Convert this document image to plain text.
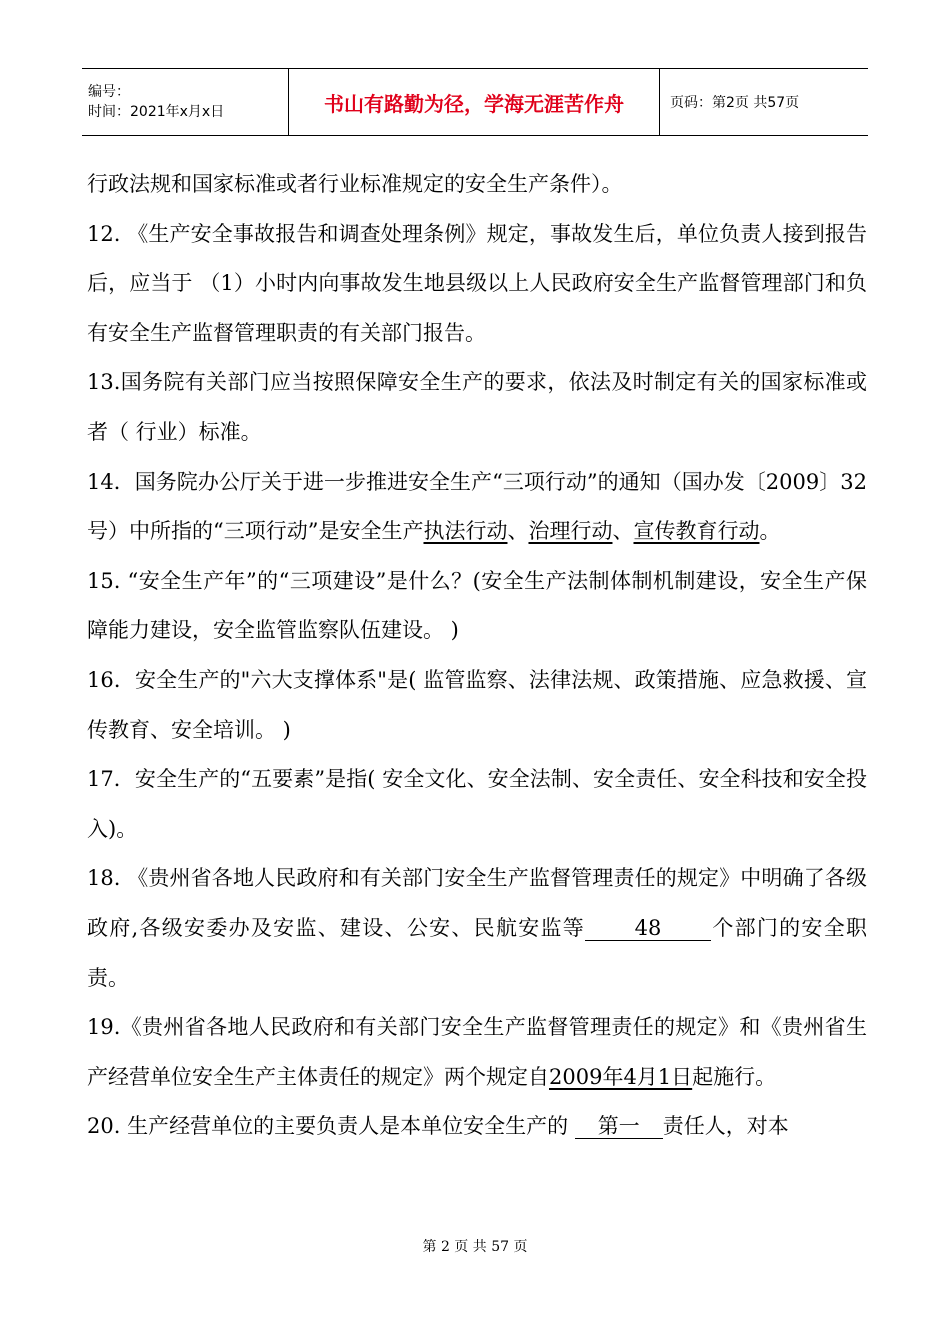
编号：
时间：2021年x月x日	书山有路勤为径，学海无涯苦作舟	页码：第2页 共57页

行政法规和国家标准或者行业标准规定的安全生产条件）。

12. 《生产安全事故报告和调查处理条例》规定，事故发生后，单位负责人接到报告后，应当于 （1）小时内向事故发生地县级以上人民政府安全生产监督管理部门和负有安全生产监督管理职责的有关部门报告。

13.国务院有关部门应当按照保障安全生产的要求，依法及时制定有关的国家标准或者（ 行业）标准。

14．国务院办公厅关于进一步推进安全生产“三项行动”的通知（国办发〔2009〕32号）中所指的“三项行动”是安全生产执法行动、治理行动、宣传教育行动。

15. “安全生产年”的“三项建设”是什么？(安全生产法制体制机制建设，安全生产保障能力建设，安全监管监察队伍建设。 )

16．安全生产的"六大支撑体系"是( 监管监察、法律法规、政策措施、应急救援、宣传教育、安全培训。 )

17．安全生产的“五要素”是指( 安全文化、安全法制、安全责任、安全科技和安全投入)。

18. 《贵州省各地人民政府和有关部门安全生产监督管理责任的规定》中明确了各级政府,各级安委办及安监、建设、公安、民航安监等 48 个部门的安全职责。

19.《贵州省各地人民政府和有关部门安全生产监督管理责任的规定》和《贵州省生产经营单位安全生产主体责任的规定》两个规定自2009年4月1日起施行。

20. 生产经营单位的主要负责人是本单位安全生产的 第一 责任人，对本

第 2 页 共 57 页
